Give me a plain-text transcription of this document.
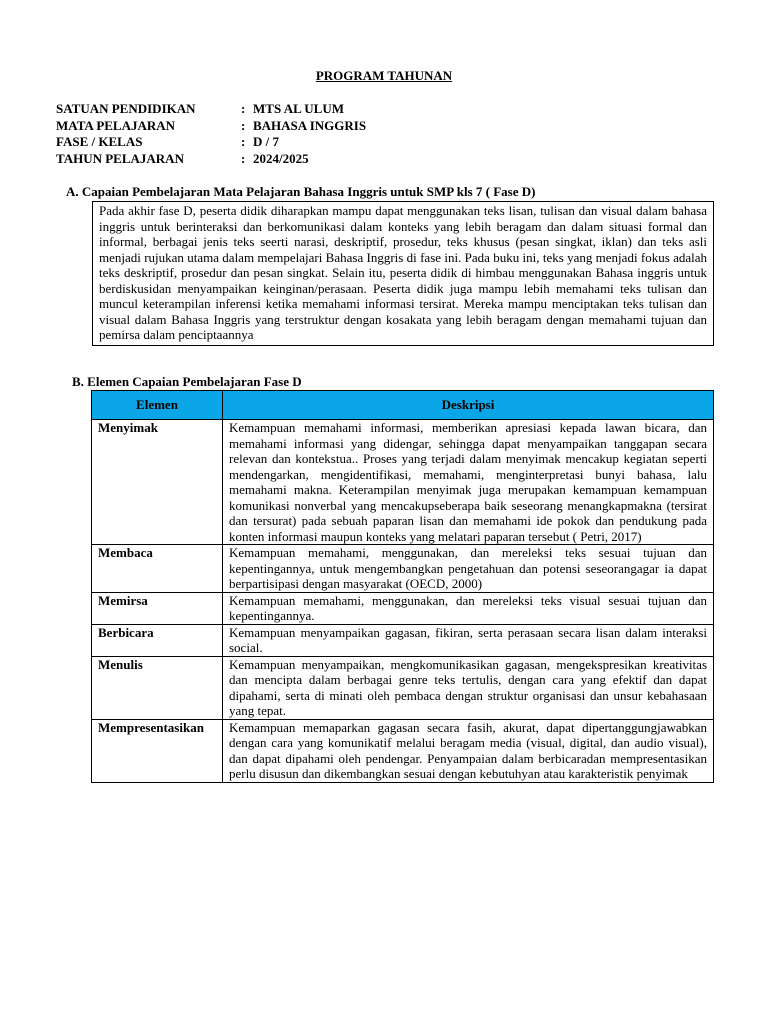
PROGRAM TAHUNAN
SATUAN PENDIDIKAN	:	MTS AL ULUM
MATA PELAJARAN	:	BAHASA INGGRIS
FASE / KELAS	:	D / 7
TAHUN PELAJARAN	:	2024/2025
A. Capaian Pembelajaran Mata Pelajaran Bahasa Inggris untuk SMP kls 7 ( Fase D)
Pada akhir fase D, peserta didik diharapkan mampu dapat menggunakan teks lisan, tulisan dan visual dalam bahasa inggris untuk berinteraksi dan berkomunikasi dalam konteks yang lebih beragam dan dalam situasi formal dan informal, berbagai jenis teks seerti narasi, deskriptif, prosedur, teks khusus (pesan singkat, iklan) dan teks asli menjadi rujukan utama dalam mempelajari Bahasa Inggris di fase ini. Pada buku ini, teks yang menjadi fokus adalah teks deskriptif, prosedur dan pesan singkat. Selain itu, peserta didik di himbau menggunakan Bahasa inggris untuk berdiskusidan menyampaikan keinginan/perasaan. Peserta didik juga mampu lebih memahami teks tulisan dan muncul keterampilan inferensi ketika memahami informasi tersirat. Mereka mampu menciptakan teks tulisan dan visual dalam Bahasa Inggris yang terstruktur dengan kosakata yang lebih beragam dengan memahami tujuan dan pemirsa dalam penciptaannya
B. Elemen Capaian Pembelajaran Fase D
Elemen	Deskripsi
Menyimak	Kemampuan memahami informasi, memberikan apresiasi kepada lawan bicara, dan memahami informasi yang didengar, sehingga dapat menyampaikan tanggapan secara relevan dan kontekstua.. Proses yang terjadi dalam menyimak mencakup kegiatan seperti mendengarkan, mengidentifikasi, memahami, menginterpretasi bunyi bahasa, lalu memahami makna. Keterampilan menyimak juga merupakan kemampuan kemampuan komunikasi nonverbal yang mencakupseberapa baik seseorang menangkapmakna (tersirat dan tersurat) pada sebuah paparan lisan dan memahami ide pokok dan pendukung pada konten informasi maupun konteks yang melatari paparan tersebut ( Petri, 2017)
Membaca	Kemampuan memahami, menggunakan, dan mereleksi teks sesuai tujuan dan kepentingannya, untuk mengembangkan pengetahuan dan potensi seseorangagar ia dapat berpartisipasi dengan masyarakat (OECD, 2000)
Memirsa	Kemampuan memahami, menggunakan, dan mereleksi teks visual sesuai tujuan dan kepentingannya.
Berbicara	Kemampuan menyampaikan gagasan, fikiran, serta perasaan secara lisan dalam interaksi social.
Menulis	Kemampuan menyampaikan, mengkomunikasikan gagasan, mengekspresikan kreativitas dan mencipta dalam berbagai genre teks tertulis, dengan cara yang efektif dan dapat dipahami, serta di minati oleh pembaca dengan struktur organisasi dan unsur kebahasaan yang tepat.
Mempresentasikan	Kemampuan memaparkan gagasan secara fasih, akurat, dapat dipertanggungjawabkan dengan cara yang komunikatif melalui beragam media (visual, digital, dan audio visual), dan dapat dipahami oleh pendengar. Penyampaian dalam berbicaradan mempresentasikan perlu disusun dan dikembangkan sesuai dengan kebutuhyan atau karakteristik penyimak
